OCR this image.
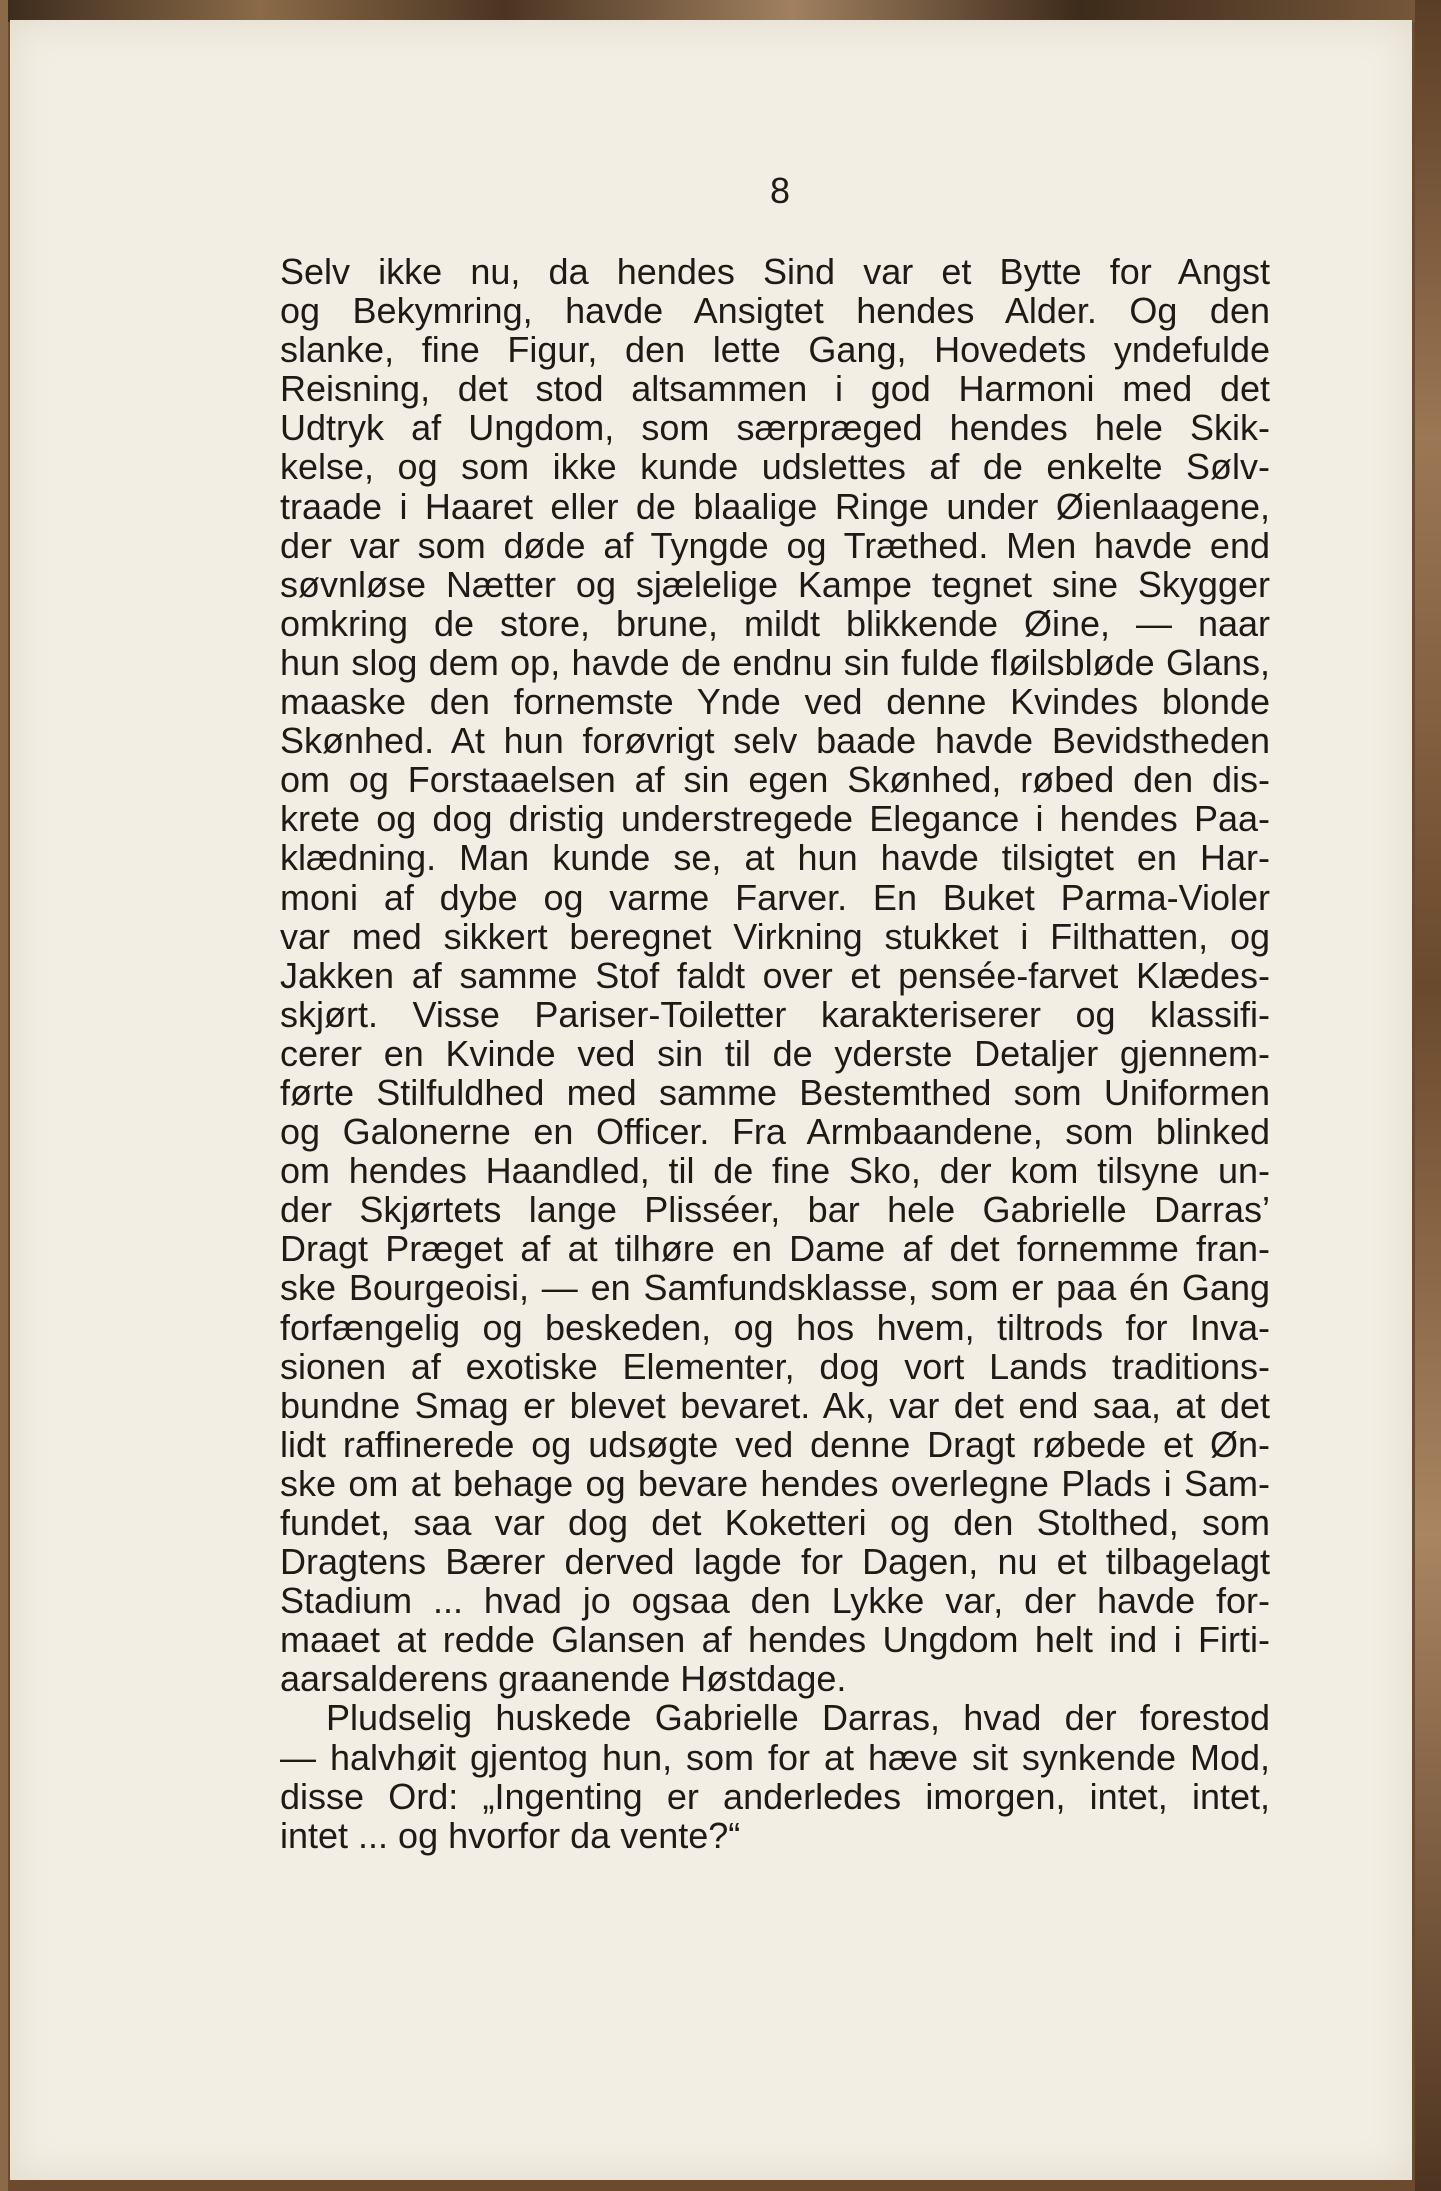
8
Selv ikke nu, da hendes Sind var et Bytte for Angst
og Bekymring, havde Ansigtet hendes Alder. Og den
slanke, fine Figur, den lette Gang, Hovedets yndefulde
Reisning, det stod altsammen i god Harmoni med det
Udtryk af Ungdom, som særpræged hendes hele Skik-
kelse, og som ikke kunde udslettes af de enkelte Sølv-
traade i Haaret eller de blaalige Ringe under Øienlaagene,
der var som døde af Tyngde og Træthed. Men havde end
søvnløse Nætter og sjælelige Kampe tegnet sine Skygger
omkring de store, brune, mildt blikkende Øine, — naar
hun slog dem op, havde de endnu sin fulde fløilsbløde Glans,
maaske den fornemste Ynde ved denne Kvindes blonde
Skønhed. At hun forøvrigt selv baade havde Bevidstheden
om og Forstaaelsen af sin egen Skønhed, røbed den dis-
krete og dog dristig understregede Elegance i hendes Paa-
klædning. Man kunde se, at hun havde tilsigtet en Har-
moni af dybe og varme Farver. En Buket Parma-Violer
var med sikkert beregnet Virkning stukket i Filthatten, og
Jakken af samme Stof faldt over et pensée-farvet Klædes-
skjørt. Visse Pariser-Toiletter karakteriserer og klassifi-
cerer en Kvinde ved sin til de yderste Detaljer gjennem-
førte Stilfuldhed med samme Bestemthed som Uniformen
og Galonerne en Officer. Fra Armbaandene, som blinked
om hendes Haandled, til de fine Sko, der kom tilsyne un-
der Skjørtets lange Plisséer, bar hele Gabrielle Darras’
Dragt Præget af at tilhøre en Dame af det fornemme fran-
ske Bourgeoisi, — en Samfundsklasse, som er paa én Gang
forfængelig og beskeden, og hos hvem, tiltrods for Inva-
sionen af exotiske Elementer, dog vort Lands traditions-
bundne Smag er blevet bevaret. Ak, var det end saa, at det
lidt raffinerede og udsøgte ved denne Dragt røbede et Øn-
ske om at behage og bevare hendes overlegne Plads i Sam-
fundet, saa var dog det Koketteri og den Stolthed, som
Dragtens Bærer derved lagde for Dagen, nu et tilbagelagt
Stadium ... hvad jo ogsaa den Lykke var, der havde for-
maaet at redde Glansen af hendes Ungdom helt ind i Firti-
aarsalderens graanende Høstdage.
Pludselig huskede Gabrielle Darras, hvad der forestod
— halvhøit gjentog hun, som for at hæve sit synkende Mod,
disse Ord: „Ingenting er anderledes imorgen, intet, intet,
intet ... og hvorfor da vente?“
